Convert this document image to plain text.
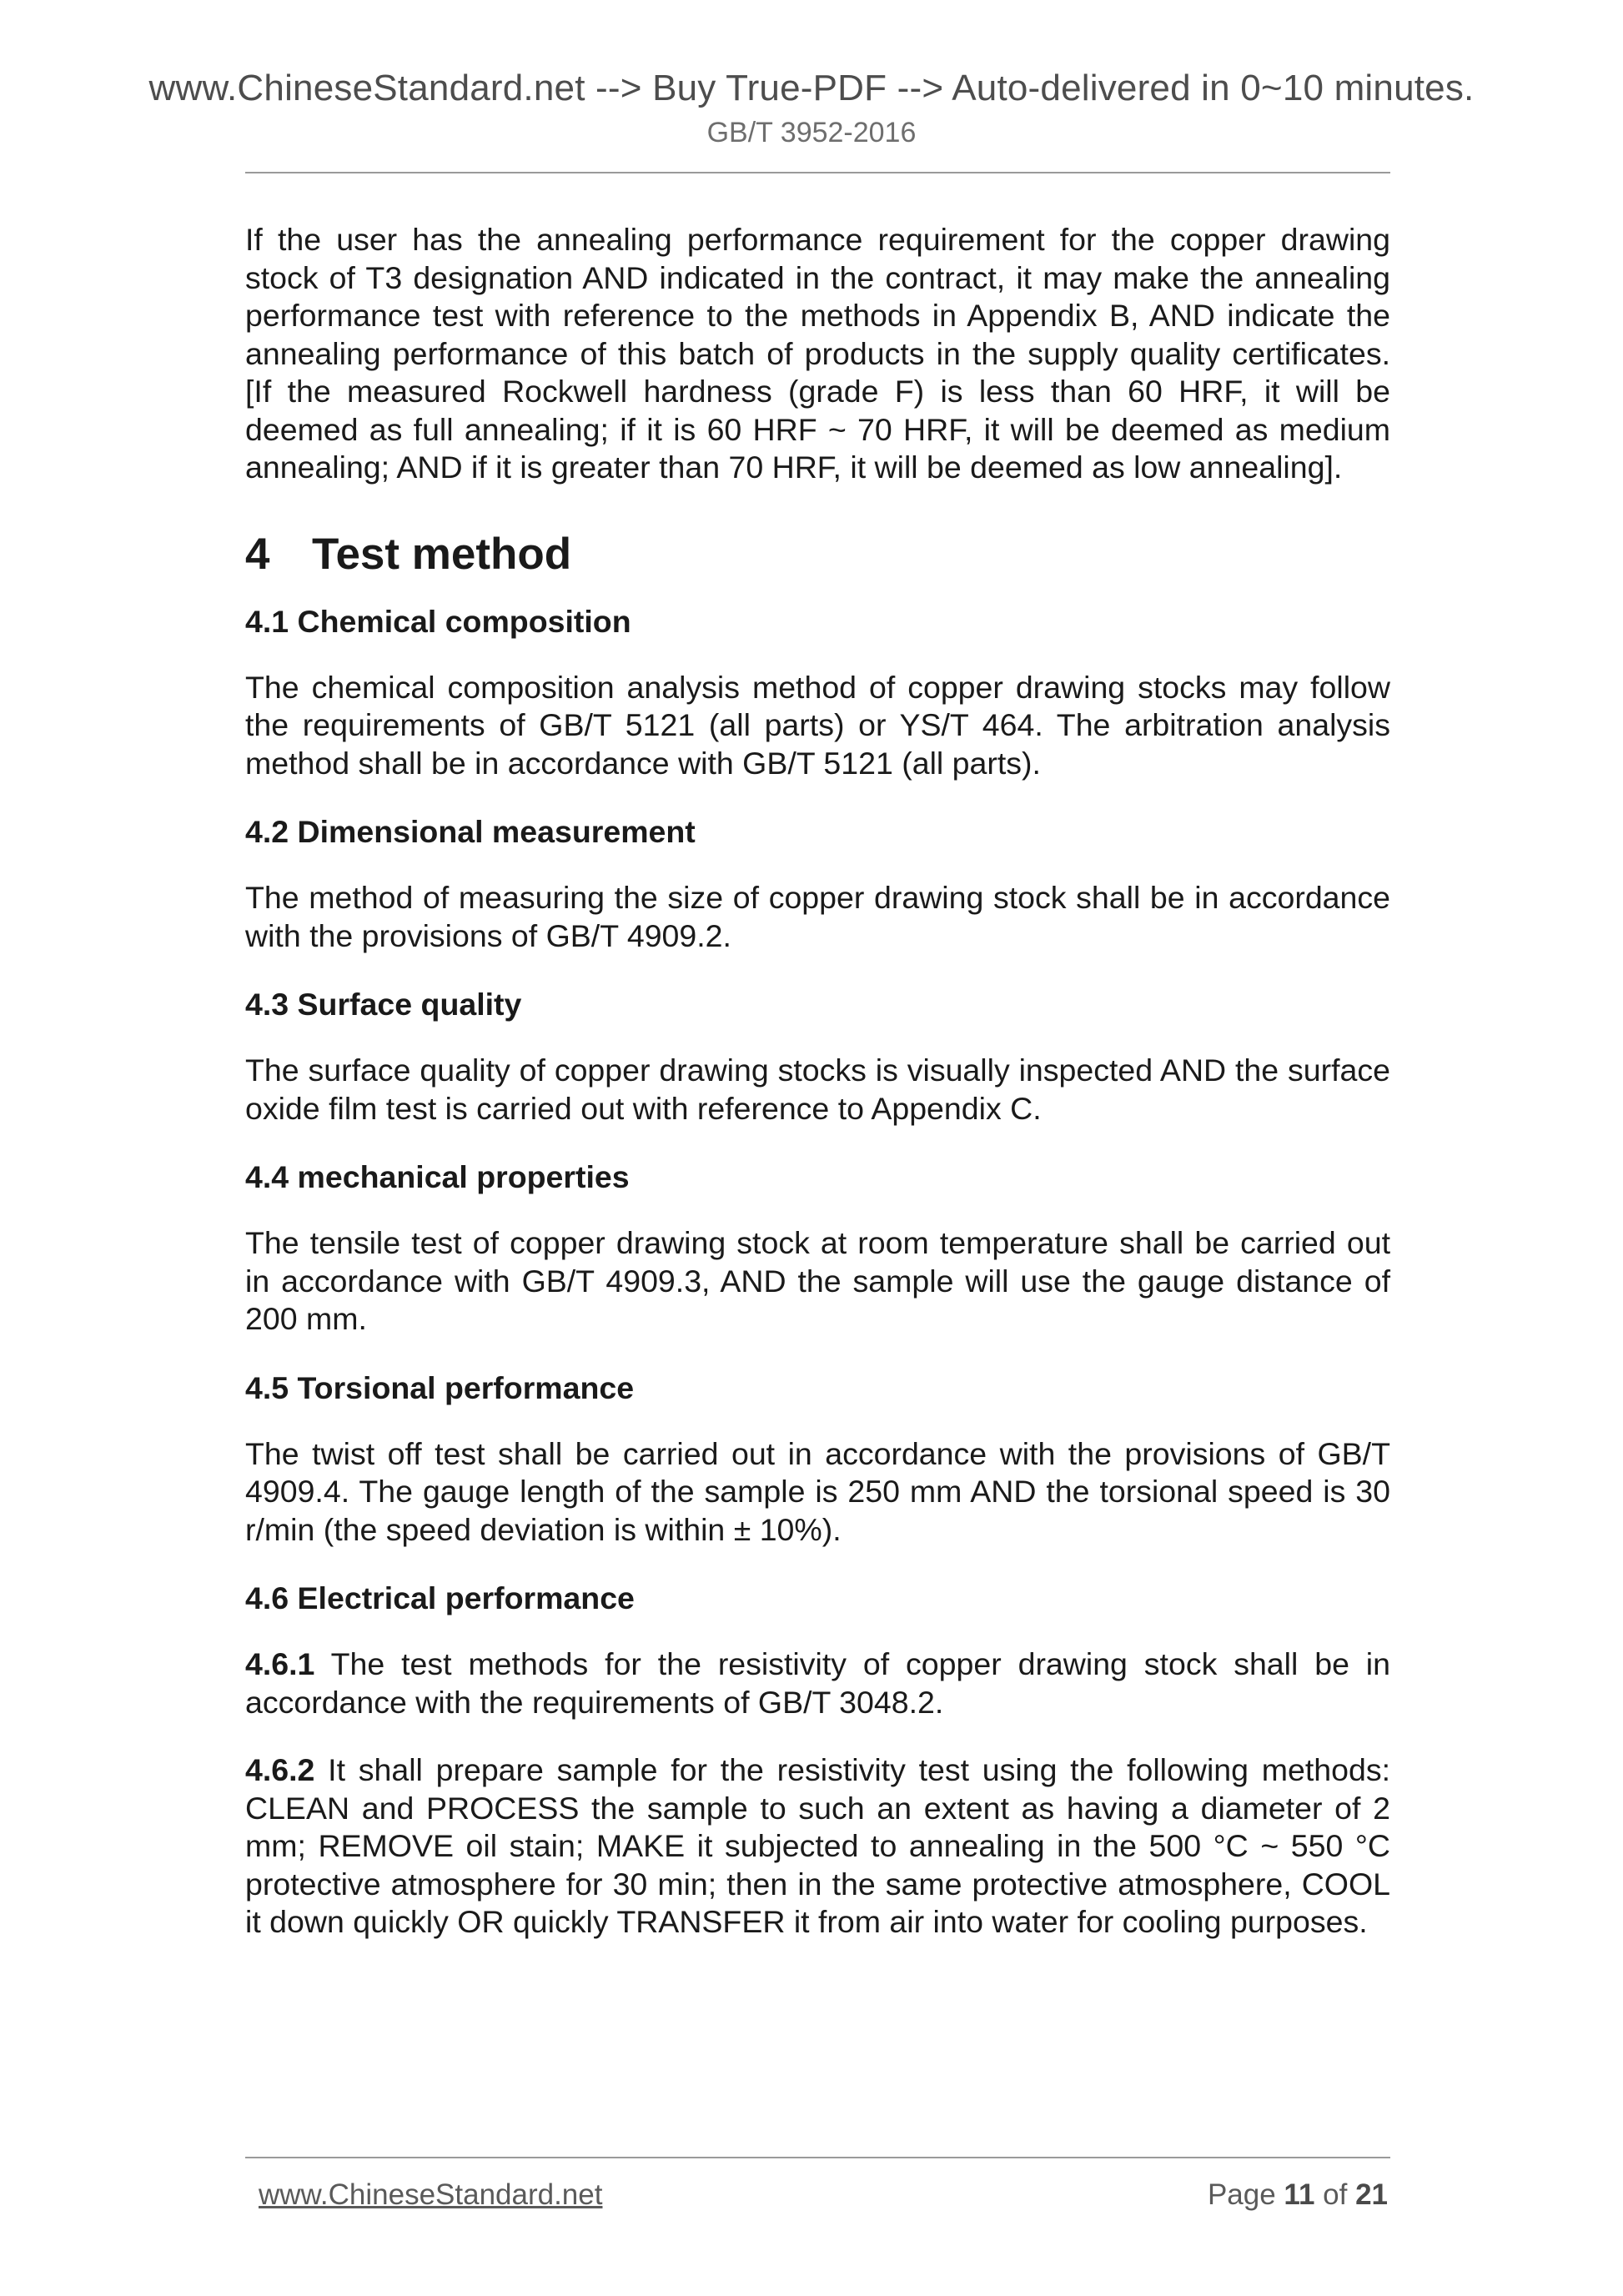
www.ChineseStandard.net --> Buy True-PDF --> Auto-delivered in 0~10 minutes.
GB/T 3952-2016

If the user has the annealing performance requirement for the copper drawing stock of T3 designation AND indicated in the contract, it may make the annealing performance test with reference to the methods in Appendix B, AND indicate the annealing performance of this batch of products in the supply quality certificates. [If the measured Rockwell hardness (grade F) is less than 60 HRF, it will be deemed as full annealing; if it is 60 HRF ~ 70 HRF, it will be deemed as medium annealing; AND if it is greater than 70 HRF, it will be deemed as low annealing].

4 Test method
4.1 Chemical composition

The chemical composition analysis method of copper drawing stocks may follow the requirements of GB/T 5121 (all parts) or YS/T 464. The arbitration analysis method shall be in accordance with GB/T 5121 (all parts).

4.2 Dimensional measurement

The method of measuring the size of copper drawing stock shall be in accordance with the provisions of GB/T 4909.2.

4.3 Surface quality

The surface quality of copper drawing stocks is visually inspected AND the surface oxide film test is carried out with reference to Appendix C.

4.4 mechanical properties

The tensile test of copper drawing stock at room temperature shall be carried out in accordance with GB/T 4909.3, AND the sample will use the gauge distance of 200 mm.

4.5 Torsional performance

The twist off test shall be carried out in accordance with the provisions of GB/T 4909.4. The gauge length of the sample is 250 mm AND the torsional speed is 30 r/min (the speed deviation is within ± 10%).

4.6 Electrical performance

4.6.1 The test methods for the resistivity of copper drawing stock shall be in accordance with the requirements of GB/T 3048.2.

4.6.2 It shall prepare sample for the resistivity test using the following methods: CLEAN and PROCESS the sample to such an extent as having a diameter of 2 mm; REMOVE oil stain; MAKE it subjected to annealing in the 500 °C ~ 550 °C protective atmosphere for 30 min; then in the same protective atmosphere, COOL it down quickly OR quickly TRANSFER it from air into water for cooling purposes.

www.ChineseStandard.net	Page 11 of 21
